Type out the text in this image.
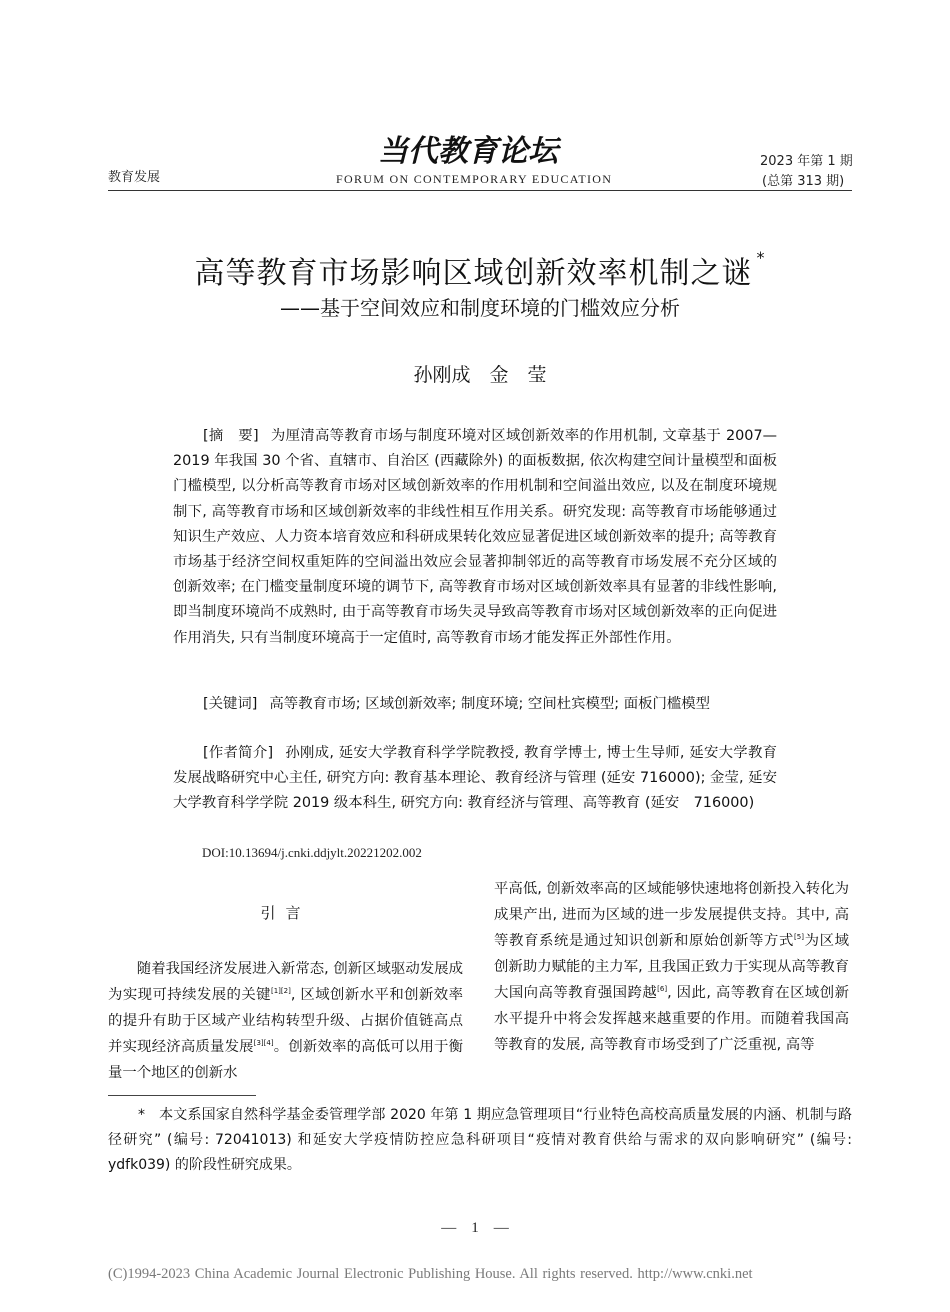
当代教育论坛
FORUM ON CONTEMPORARY EDUCATION
教育发展
2023 年第 1 期
(总第 313 期)
高等教育市场影响区域创新效率机制之谜 *
——基于空间效应和制度环境的门槛效应分析
孙刚成　金　莹
[摘　要] 为厘清高等教育市场与制度环境对区域创新效率的作用机制, 文章基于 2007—2019 年我国 30 个省、直辖市、自治区 (西藏除外) 的面板数据, 依次构建空间计量模型和面板门槛模型, 以分析高等教育市场对区域创新效率的作用机制和空间溢出效应, 以及在制度环境规制下, 高等教育市场和区域创新效率的非线性相互作用关系。研究发现: 高等教育市场能够通过知识生产效应、人力资本培育效应和科研成果转化效应显著促进区域创新效率的提升; 高等教育市场基于经济空间权重矩阵的空间溢出效应会显著抑制邻近的高等教育市场发展不充分区域的创新效率; 在门槛变量制度环境的调节下, 高等教育市场对区域创新效率具有显著的非线性影响, 即当制度环境尚不成熟时, 由于高等教育市场失灵导致高等教育市场对区域创新效率的正向促进作用消失, 只有当制度环境高于一定值时, 高等教育市场才能发挥正外部性作用。
[关键词] 高等教育市场; 区域创新效率; 制度环境; 空间杜宾模型; 面板门槛模型
[作者简介] 孙刚成, 延安大学教育科学学院教授, 教育学博士, 博士生导师, 延安大学教育发展战略研究中心主任, 研究方向: 教育基本理论、教育经济与管理 (延安 716000); 金莹, 延安大学教育科学学院 2019 级本科生, 研究方向: 教育经济与管理、高等教育 (延安　716000)
DOI:10.13694/j.cnki.ddjylt.20221202.002
引言

随着我国经济发展进入新常态, 创新区域驱动发展成为实现可持续发展的关键[1][2], 区域创新水平和创新效率的提升有助于区域产业结构转型升级、占据价值链高点并实现经济高质量发展[3][4]。创新效率的高低可以用于衡量一个地区的创新水

平高低, 创新效率高的区域能够快速地将创新投入转化为成果产出, 进而为区域的进一步发展提供支持。其中, 高等教育系统是通过知识创新和原始创新等方式[5]为区域创新助力赋能的主力军, 且我国正致力于实现从高等教育大国向高等教育强国跨越[6], 因此, 高等教育在区域创新水平提升中将会发挥越来越重要的作用。而随着我国高等教育的发展, 高等教育市场受到了广泛重视, 高等

* 本文系国家自然科学基金委管理学部 2020 年第 1 期应急管理项目“行业特色高校高质量发展的内涵、机制与路径研究” (编号: 72041013) 和延安大学疫情防控应急科研项目“疫情对教育供给与需求的双向影响研究” (编号: ydfk039) 的阶段性研究成果。
—　1　—
(C)1994-2023 China Academic Journal Electronic Publishing House. All rights reserved. http://www.cnki.net
